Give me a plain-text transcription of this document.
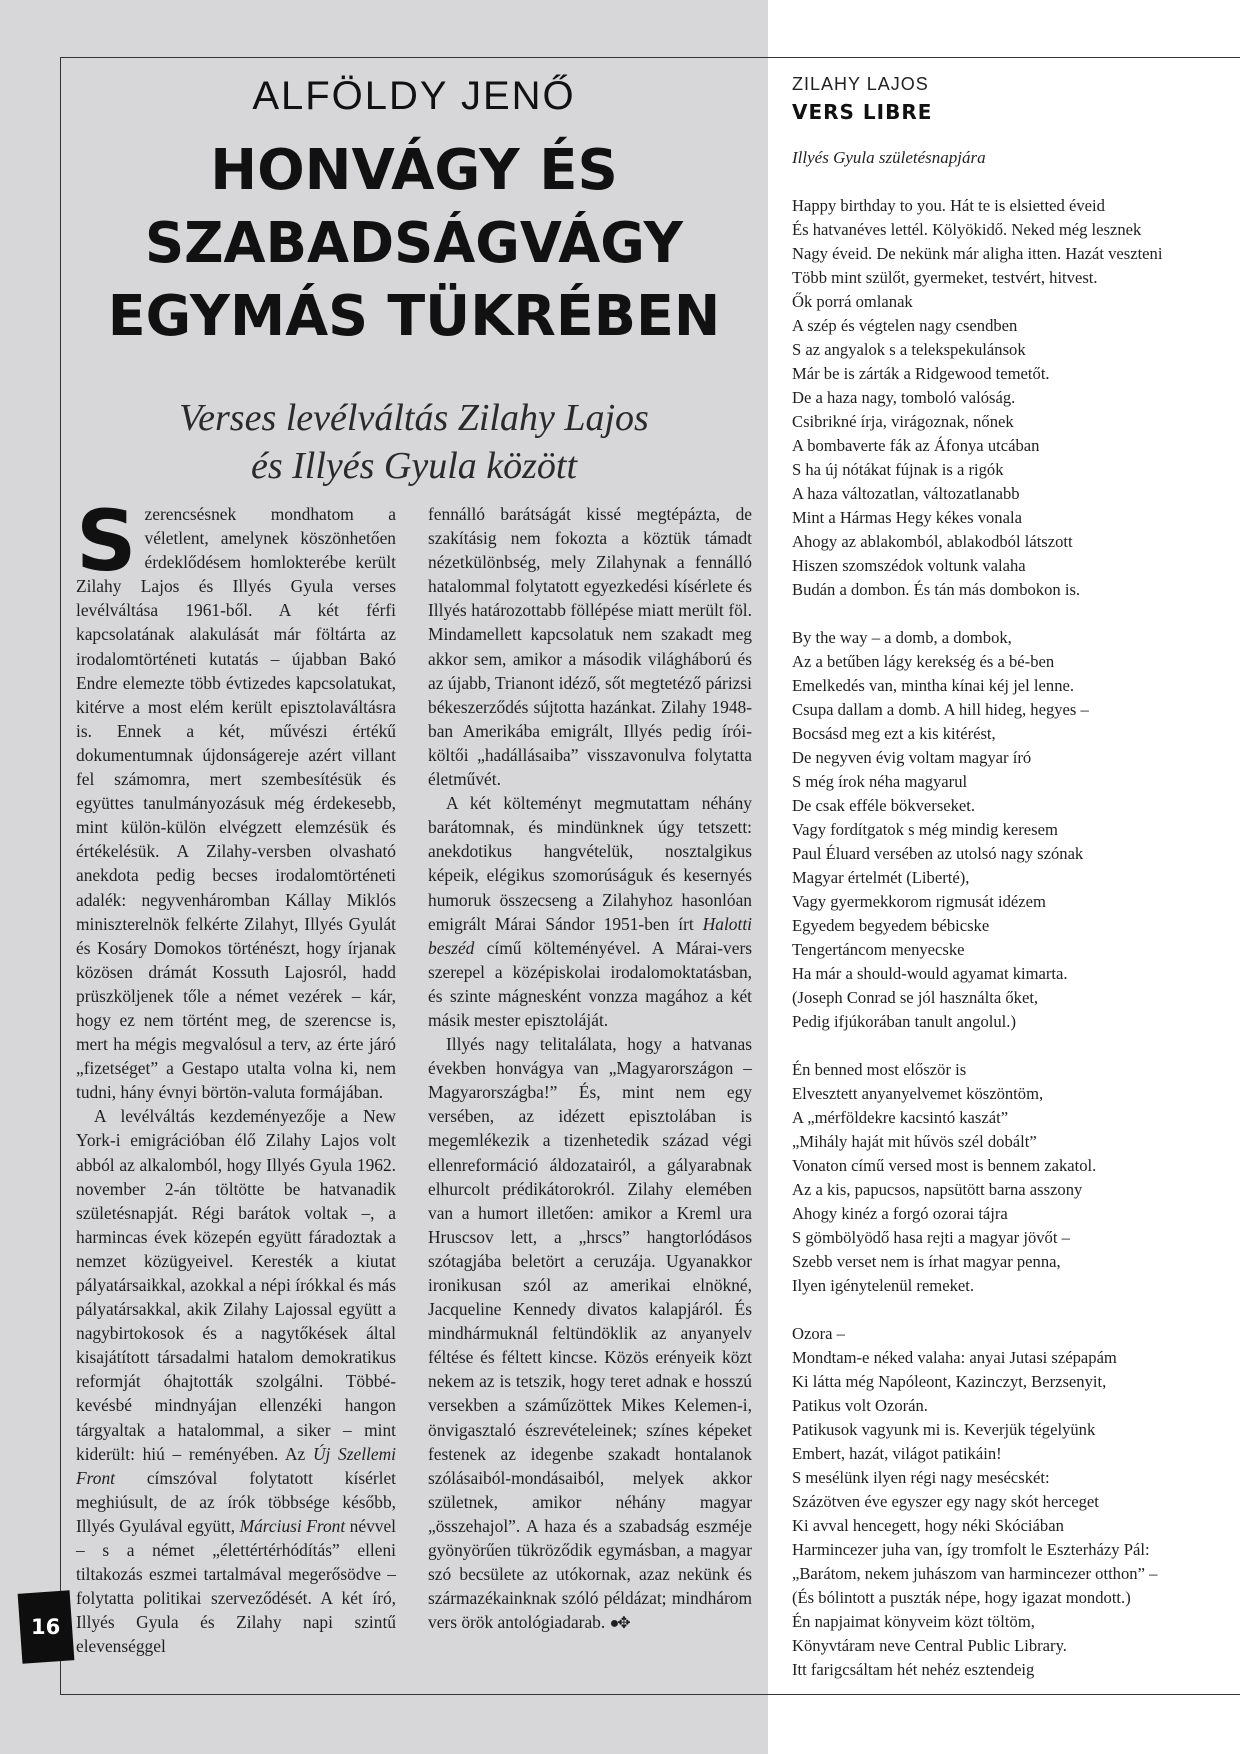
ALFÖLDY JENŐ
HONVÁGY ÉS
SZABADSÁGVÁGY
EGYMÁS TÜKRÉBEN
Verses levélváltás Zilahy Lajos
és Illyés Gyula között

Szerencsésnek mondhatom a véletlent, amelynek köszönhetően érdeklődésem homlokterébe került Zilahy Lajos és Illyés Gyula verses levélváltása 1961-ből. A két férfi kapcsolatának alakulását már föltárta az irodalomtörténeti kutatás – újabban Bakó Endre elemezte több évtizedes kapcsolatukat, kitérve a most elém került episztolaváltásra is. Ennek a két, művészi értékű dokumentumnak újdonságereje azért villant fel számomra, mert szembesítésük és együttes tanulmányozásuk még érdekesebb, mint külön-külön elvégzett elemzésük és értékelésük. A Zilahy-versben olvasható anekdota pedig becses irodalomtörténeti adalék: negyvenháromban Kállay Miklós miniszterelnök felkérte Zilahyt, Illyés Gyulát és Kosáry Domokos történészt, hogy írjanak közösen drámát Kossuth Lajosról, hadd prüszköljenek tőle a német vezérek – kár, hogy ez nem történt meg, de szerencse is, mert ha mégis megvalósul a terv, az érte járó „fizetséget” a Gestapo utalta volna ki, nem tudni, hány évnyi börtön-valuta formájában.

A levélváltás kezdeményezője a New York-i emigrációban élő Zilahy Lajos volt abból az alkalomból, hogy Illyés Gyula 1962. november 2-án töltötte be hatvanadik születésnapját. Régi barátok voltak –, a harmincas évek közepén együtt fáradoztak a nemzet közügyeivel. Keresték a kiutat pályatársaikkal, azokkal a népi írókkal és más pályatársakkal, akik Zilahy Lajossal együtt a nagybirtokosok és a nagytőkések által kisajátított társadalmi hatalom demokratikus reformját óhajtották szolgálni. Többé-kevésbé mindnyájan ellenzéki hangon tárgyaltak a hatalommal, a siker – mint kiderült: hiú – reményében. Az Új Szellemi Front címszóval folytatott kísérlet meghiúsult, de az írók többsége később, Illyés Gyulával együtt, Márciusi Front névvel – s a német „élettértérhódítás” elleni tiltakozás eszmei tartalmával megerősödve – folytatta politikai szerveződését. A két író, Illyés Gyula és Zilahy napi szintű elevenséggel

fennálló barátságát kissé megtépázta, de szakításig nem fokozta a köztük támadt nézetkülönbség, mely Zilahynak a fennálló hatalommal folytatott egyezkedési kísérlete és Illyés határozottabb föllépése miatt merült föl. Mindamellett kapcsolatuk nem szakadt meg akkor sem, amikor a második világháború és az újabb, Trianont idéző, sőt megtetéző párizsi békeszerződés sújtotta hazánkat. Zilahy 1948-ban Amerikába emigrált, Illyés pedig írói-költői „hadállásaiba” visszavonulva folytatta életművét.

A két költeményt megmutattam néhány barátomnak, és mindünknek úgy tetszett: anekdotikus hangvételük, nosztalgikus képeik, elégikus szomorúságuk és kesernyés humoruk összecseng a Zilahyhoz hasonlóan emigrált Márai Sándor 1951-ben írt Halotti beszéd című költeményével. A Márai-vers szerepel a középiskolai irodalomoktatásban, és szinte mágnesként vonzza magához a két másik mester episztoláját.

Illyés nagy telitalálata, hogy a hatvanas években honvágya van „Magyarországon – Magyarországba!” És, mint nem egy versében, az idézett episztolában is megemlékezik a tizenhetedik század végi ellenreformáció áldozatairól, a gályarabnak elhurcolt prédikátorokról. Zilahy elemében van a humort illetően: amikor a Kreml ura Hruscsov lett, a „hrscs” hangtorlódásos szótagjába beletört a ceruzája. Ugyanakkor ironikusan szól az amerikai elnökné, Jacqueline Kennedy divatos kalapjáról. És mindhármuknál feltündöklik az anyanyelv féltése és féltett kincse. Közös erényeik közt nekem az is tetszik, hogy teret adnak e hosszú versekben a száműzöttek Mikes Kelemen-i, önvigasztaló észrevételeinek; színes képeket festenek az idegenbe szakadt hontalanok szólásaiból-mondásaiból, melyek akkor születnek, amikor néhány magyar „összehajol”. A haza és a szabadság eszméje gyönyörűen tükröződik egymásban, a magyar szó becsülete az utókornak, azaz nekünk és származékainknak szóló példázat; mindhárom vers örök antológiadarab. ●✥

16
ZILAHY LAJOS
VERS LIBRE
Illyés Gyula születésnapjára
Happy birthday to you. Hát te is elsietted éveid
És hatvanéves lettél. Kölyökidő. Neked még lesznek
Nagy éveid. De nekünk már aligha itten. Hazát veszteni
Több mint szülőt, gyermeket, testvért, hitvest.
Ők porrá omlanak
A szép és végtelen nagy csendben
S az angyalok s a telekspekulánsok
Már be is zárták a Ridgewood temetőt.
De a haza nagy, tomboló valóság.
Csibrikné írja, virágoznak, nőnek
A bombaverte fák az Áfonya utcában
S ha új nótákat fújnak is a rigók
A haza változatlan, változatlanabb
Mint a Hármas Hegy kékes vonala
Ahogy az ablakomból, ablakodból látszott
Hiszen szomszédok voltunk valaha
Budán a dombon. És tán más dombokon is.
By the way – a domb, a dombok,
Az a betűben lágy kerekség és a bé-ben
Emelkedés van, mintha kínai kéj jel lenne.
Csupa dallam a domb. A hill hideg, hegyes –
Bocsásd meg ezt a kis kitérést,
De negyven évig voltam magyar író
S még írok néha magyarul
De csak efféle bökverseket.
Vagy fordítgatok s még mindig keresem
Paul Éluard versében az utolsó nagy szónak
Magyar értelmét (Liberté),
Vagy gyermekkorom rigmusát idézem
Egyedem begyedem bébicske
Tengertáncom menyecske
Ha már a should-would agyamat kimarta.
(Joseph Conrad se jól használta őket,
Pedig ifjúkorában tanult angolul.)
Én benned most először is
Elvesztett anyanyelvemet köszöntöm,
A „mérföldekre kacsintó kaszát”
„Mihály haját mit hűvös szél dobált”
Vonaton című versed most is bennem zakatol.
Az a kis, papucsos, napsütött barna asszony
Ahogy kinéz a forgó ozorai tájra
S gömbölyödő hasa rejti a magyar jövőt –
Szebb verset nem is írhat magyar penna,
Ilyen igénytelenül remeket.
Ozora –
Mondtam-e néked valaha: anyai Jutasi szépapám
Ki látta még Napóleont, Kazinczyt, Berzsenyit,
Patikus volt Ozorán.
Patikusok vagyunk mi is. Keverjük tégelyünk
Embert, hazát, világot patikáin!
S mesélünk ilyen régi nagy mesécskét:
Százötven éve egyszer egy nagy skót herceget
Ki avval hencegett, hogy néki Skóciában
Harmincezer juha van, így tromfolt le Eszterházy Pál:
„Barátom, nekem juhászom van harmincezer otthon” –
(És bólintott a puszták népe, hogy igazat mondott.)
Én napjaimat könyveim közt töltöm,
Könyvtáram neve Central Public Library.
Itt farigcsáltam hét nehéz esztendeig
